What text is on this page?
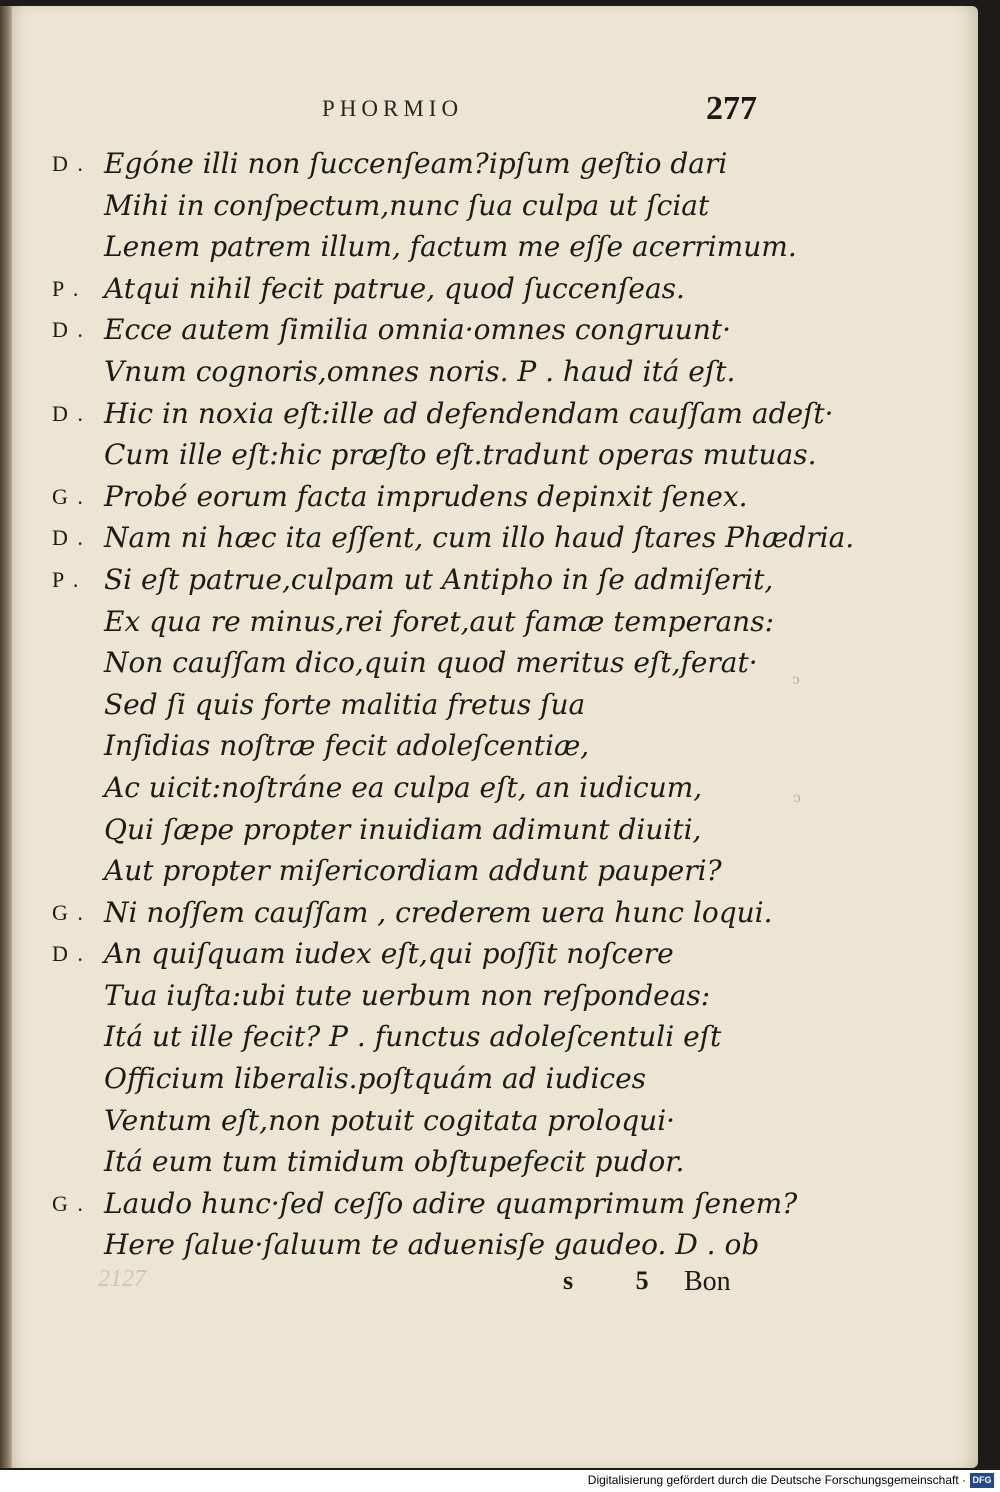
PHORMIO	277
D . Egóne illi non ſuccenſeam?ipſum geſtio dari
Mihi in conſpectum,nunc ſua culpa ut ſciat
Lenem patrem illum, factum me eſſe acerrimum.
P . Atqui nihil fecit patrue, quod ſuccenſeas.
D . Ecce autem ſimilia omnia·omnes congruunt·
Vnum cognoris,omnes noris. P . haud itá eſt.
D . Hic in noxia eſt:ille ad defendendam cauſſam adeſt·
Cum ille eſt:hic præſto eſt.tradunt operas mutuas.
G . Probé eorum facta imprudens depinxit ſenex.
D . Nam ni hæc ita eſſent, cum illo haud ſtares Phædria.
P . Si eſt patrue,culpam ut Antipho in ſe admiſerit,
Ex qua re minus,rei foret,aut famæ temperans:
Non cauſſam dico,quin quod meritus eſt,ferat·
Sed ſi quis forte malitia fretus ſua
Inſidias noſtræ fecit adoleſcentiæ,
Ac uicit:noſtráne ea culpa eſt, an iudicum,
Qui ſæpe propter inuidiam adimunt diuiti,
Aut propter miſericordiam addunt pauperi?
G . Ni noſſem cauſſam , crederem uera hunc loqui.
D . An quiſquam iudex eſt,qui poſſit noſcere
Tua iuſta:ubi tute uerbum non reſpondeas:
Itá ut ille fecit? P . functus adoleſcentuli eſt
Officium liberalis.poſtquám ad iudices
Ventum eſt,non potuit cogitata proloqui·
Itá eum tum timidum obſtupefecit pudor.
G . Laudo hunc·ſed ceſſo adire quamprimum ſenem?
Here ſalue·ſaluum te aduenisſe gaudeo. D . ob
ͻ
ͻ
2127	s 5 Bon
Digitalisierung gefördert durch die Deutsche Forschungsgemeinschaft · DFG
